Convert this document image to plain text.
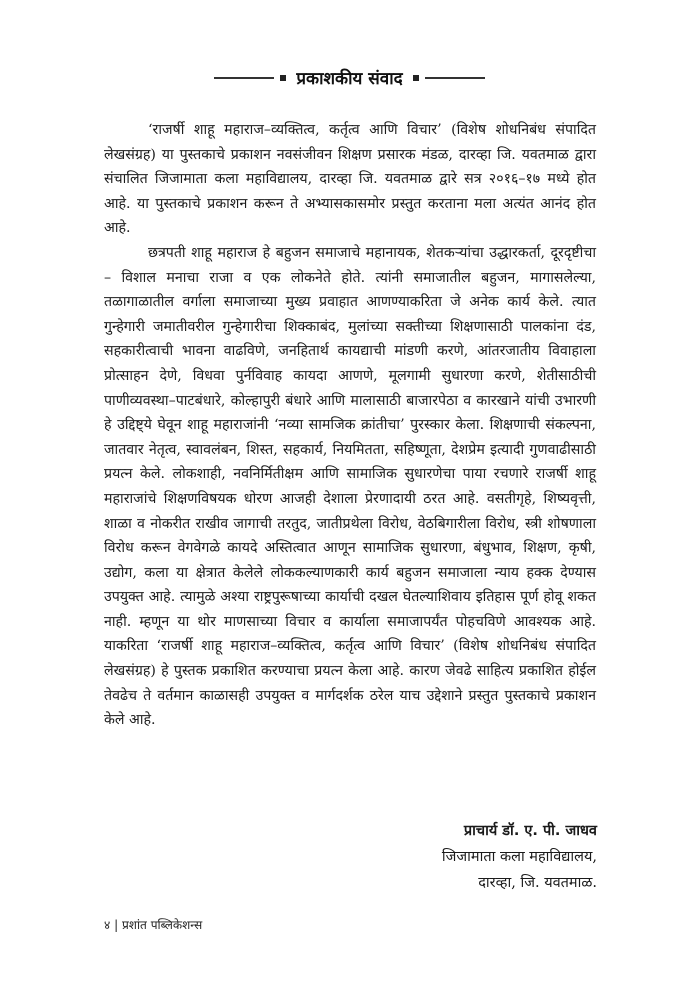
प्रकाशकीय संवाद

‘राजर्षी शाहू महाराज–व्यक्तित्व, कर्तृत्व आणि विचार’ (विशेष शोधनिबंध संपादित लेखसंग्रह) या पुस्तकाचे प्रकाशन नवसंजीवन शिक्षण प्रसारक मंडळ, दारव्हा जि. यवतमाळ द्वारा संचालित जिजामाता कला महाविद्यालय, दारव्हा जि. यवतमाळ द्वारे सत्र २०१६–१७ मध्ये होत आहे. या पुस्तकाचे प्रकाशन करून ते अभ्यासकासमोर प्रस्तुत करताना मला अत्यंत आनंद होत आहे.

छत्रपती शाहू महाराज हे बहुजन समाजाचे महानायक, शेतकऱ्यांचा उद्धारकर्ता, दूरदृष्टीचा – विशाल मनाचा राजा व एक लोकनेते होते. त्यांनी समाजातील बहुजन, मागासलेल्या, तळागाळातील वर्गाला समाजाच्या मुख्य प्रवाहात आणण्याकरिता जे अनेक कार्य केले. त्यात गुन्हेगारी जमातीवरील गुन्हेगारीचा शिक्काबंद, मुलांच्या सक्तीच्या शिक्षणासाठी पालकांना दंड, सहकारीत्वाची भावना वाढविणे, जनहितार्थ कायद्याची मांडणी करणे, आंतरजातीय विवाहाला प्रोत्साहन देणे, विधवा पुर्नविवाह कायदा आणणे, मूलगामी सुधारणा करणे, शेतीसाठीची पाणीव्यवस्था–पाटबंधारे, कोल्हापुरी बंधारे आणि मालासाठी बाजारपेठा व कारखाने यांची उभारणी हे उद्दिष्ट्ये घेवून शाहू महाराजांनी ‘नव्या सामजिक क्रांतीचा’ पुरस्कार केला. शिक्षणाची संकल्पना, जातवार नेतृत्व, स्वावलंबन, शिस्त, सहकार्य, नियमितता, सहिष्णूता, देशप्रेम इत्यादी गुणवाढीसाठी प्रयत्न केले. लोकशाही, नवनिर्मितीक्षम आणि सामाजिक सुधारणेचा पाया रचणारे राजर्षी शाहू महाराजांचे शिक्षणविषयक धोरण आजही देशाला प्रेरणादायी ठरत आहे. वसतीगृहे, शिष्यवृत्ती, शाळा व नोकरीत राखीव जागाची तरतुद, जातीप्रथेला विरोध, वेठबिगारीला विरोध, स्त्री शोषणाला विरोध करून वेगवेगळे कायदे अस्तित्वात आणून सामाजिक सुधारणा, बंधुभाव, शिक्षण, कृषी, उद्योग, कला या क्षेत्रात केलेले लोककल्याणकारी कार्य बहुजन समाजाला न्याय हक्क देण्यास उपयुक्त आहे. त्यामुळे अश्या राष्ट्रपुरूषाच्या कार्याची दखल घेतल्याशिवाय इतिहास पूर्ण होवू शकत नाही. म्हणून या थोर माणसाच्या विचार व कार्याला समाजापर्यंत पोहचविणे आवश्यक आहे. याकरिता ‘राजर्षी शाहू महाराज–व्यक्तित्व, कर्तृत्व आणि विचार’ (विशेष शोधनिबंध संपादित लेखसंग्रह) हे पुस्तक प्रकाशित करण्याचा प्रयत्न केला आहे. कारण जेवढे साहित्य प्रकाशित होईल तेवढेच ते वर्तमान काळासही उपयुक्त व मार्गदर्शक ठरेल याच उद्देशाने प्रस्तुत पुस्तकाचे प्रकाशन केले आहे.

प्राचार्य डॉ. ए. पी. जाधव
जिजामाता कला महाविद्यालय,
दारव्हा, जि. यवतमाळ.
४ | प्रशांत पब्लिकेशन्स
